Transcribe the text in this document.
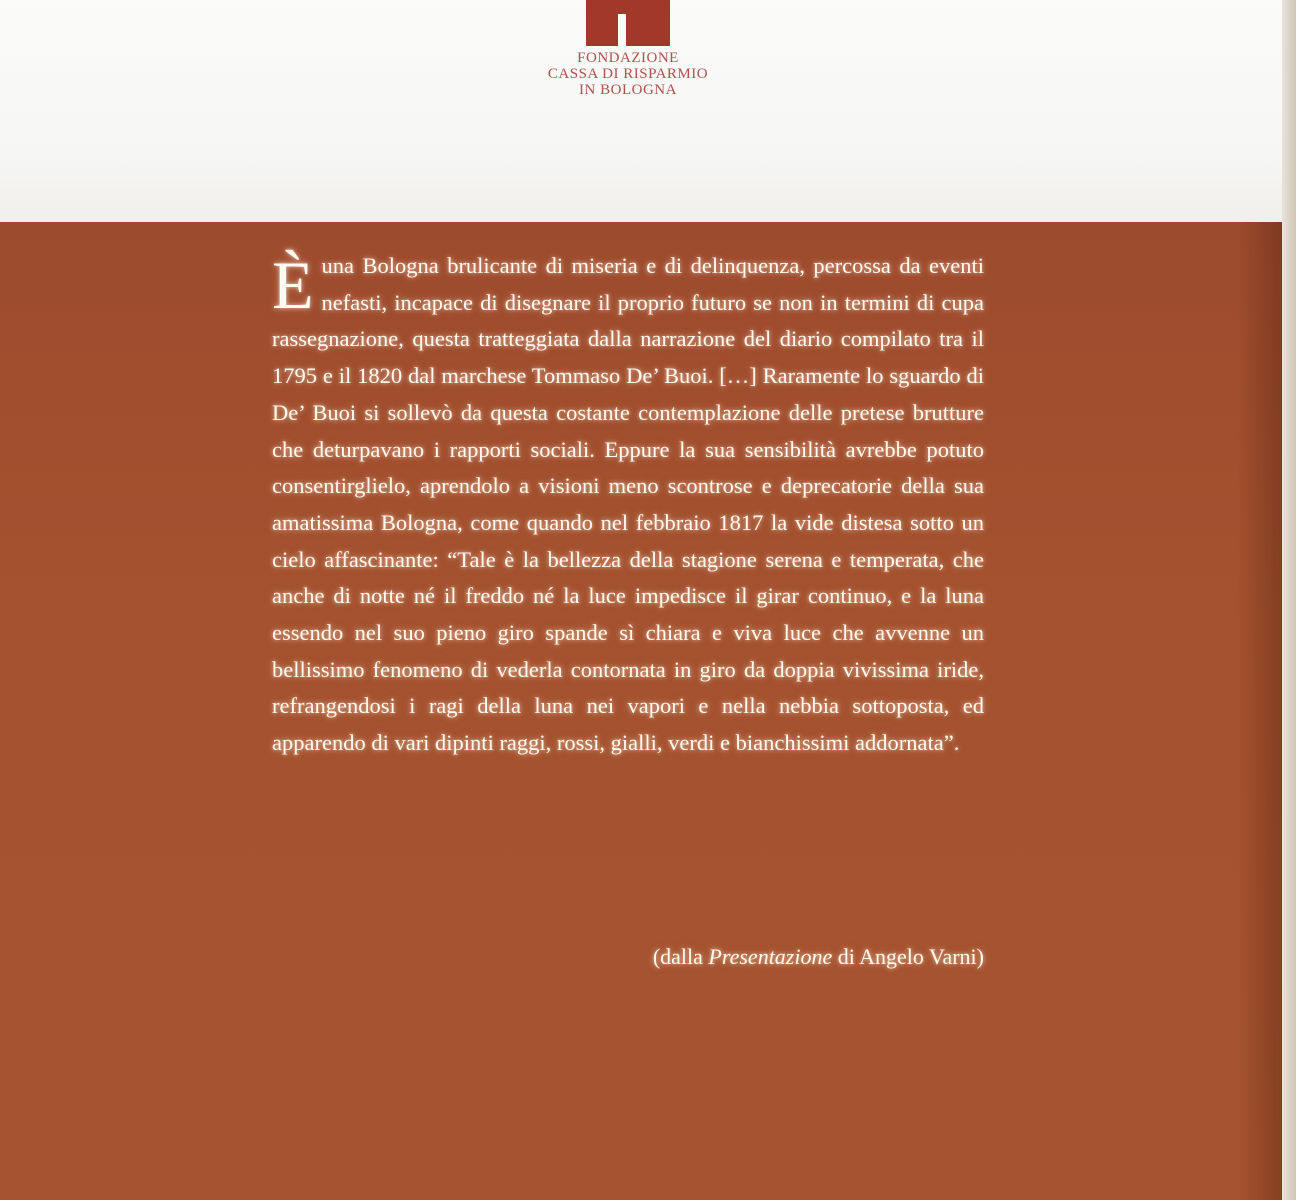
FONDAZIONE
CASSA DI RISPARMIO
IN BOLOGNA
Èuna Bologna brulicante di miseria e di delinquenza, percossa da eventi nefasti, incapace di disegnare il proprio futuro se non in termini di cupa rassegnazione, questa tratteggiata dalla narrazione del diario compilato tra il 1795 e il 1820 dal marchese Tommaso De’ Buoi. […] Raramente lo sguardo di De’ Buoi si sollevò da questa costante contemplazione delle pretese brutture che deturpavano i rapporti sociali. Eppure la sua sensibilità avrebbe potuto consentirglielo, aprendolo a visioni meno scontrose e deprecatorie della sua amatissima Bologna, come quando nel febbraio 1817 la vide distesa sotto un cielo affascinante: “Tale è la bellezza della stagione serena e temperata, che anche di notte né il freddo né la luce impedisce il girar continuo, e la luna essendo nel suo pieno giro spande sì chiara e viva luce che avvenne un bellissimo fenomeno di vederla contornata in giro da doppia vivissima iride, refrangendosi i ragi della luna nei vapori e nella nebbia sottoposta, ed apparendo di vari dipinti raggi, rossi, gialli, verdi e bianchissimi addornata”.
(dalla Presentazione di Angelo Varni)
